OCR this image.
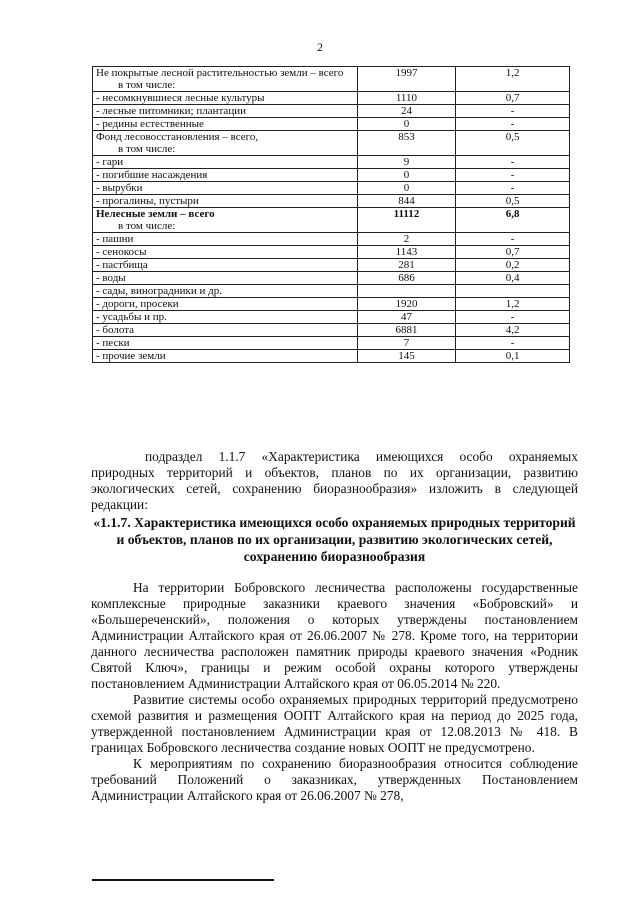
2
Не покрытые лесной растительностью земли – всего
в том числе:	1997	1,2
- несомкнувшиеся лесные культуры	1110	0,7
- лесные питомники; плантации	24	-
- редины естественные	0	-
Фонд лесовосстановления – всего,
в том числе:	853	0,5
- гари	9	-
- погибшие насаждения	0	-
- вырубки	0	-
- прогалины, пустыри	844	0,5
Нелесные земли – всего
в том числе:	11112	6,8
- пашни	2	-
- сенокосы	1143	0,7
- пастбища	281	0,2
- воды	686	0,4
- сады, виноградники и др.		
- дороги, просеки	1920	1,2
- усадьбы и пр.	47	-
- болота	6881	4,2
- пески	7	-
- прочие земли	145	0,1

подраздел 1.1.7 «Характеристика имеющихся особо охраняемых природных территорий и объектов, планов по их организации, развитию экологических сетей, сохранению биоразнообразия» изложить в следующей редакции:

«1.1.7. Характеристика имеющихся особо охраняемых природных территорий и объектов, планов по их организации, развитию экологических сетей, сохранению биоразнообразия

На территории Бобровского лесничества расположены государственные комплексные природные заказники краевого значения «Бобровский» и «Большереченский», положения о которых утверждены постановлением Администрации Алтайского края от 26.06.2007 № 278. Кроме того, на территории данного лесничества расположен памятник природы краевого значения «Родник Святой Ключ», границы и режим особой охраны которого утверждены постановлением Администрации Алтайского края от 06.05.2014 № 220.

Развитие системы особо охраняемых природных территорий предусмотрено схемой развития и размещения ООПТ Алтайского края на период до 2025 года, утвержденной постановлением Администрации края от 12.08.2013 № 418. В границах Бобровского лесничества создание новых ООПТ не предусмотрено.

К мероприятиям по сохранению биоразнообразия относится соблюдение требований Положений о заказниках, утвержденных Постановлением Администрации Алтайского края от 26.06.2007 № 278,
